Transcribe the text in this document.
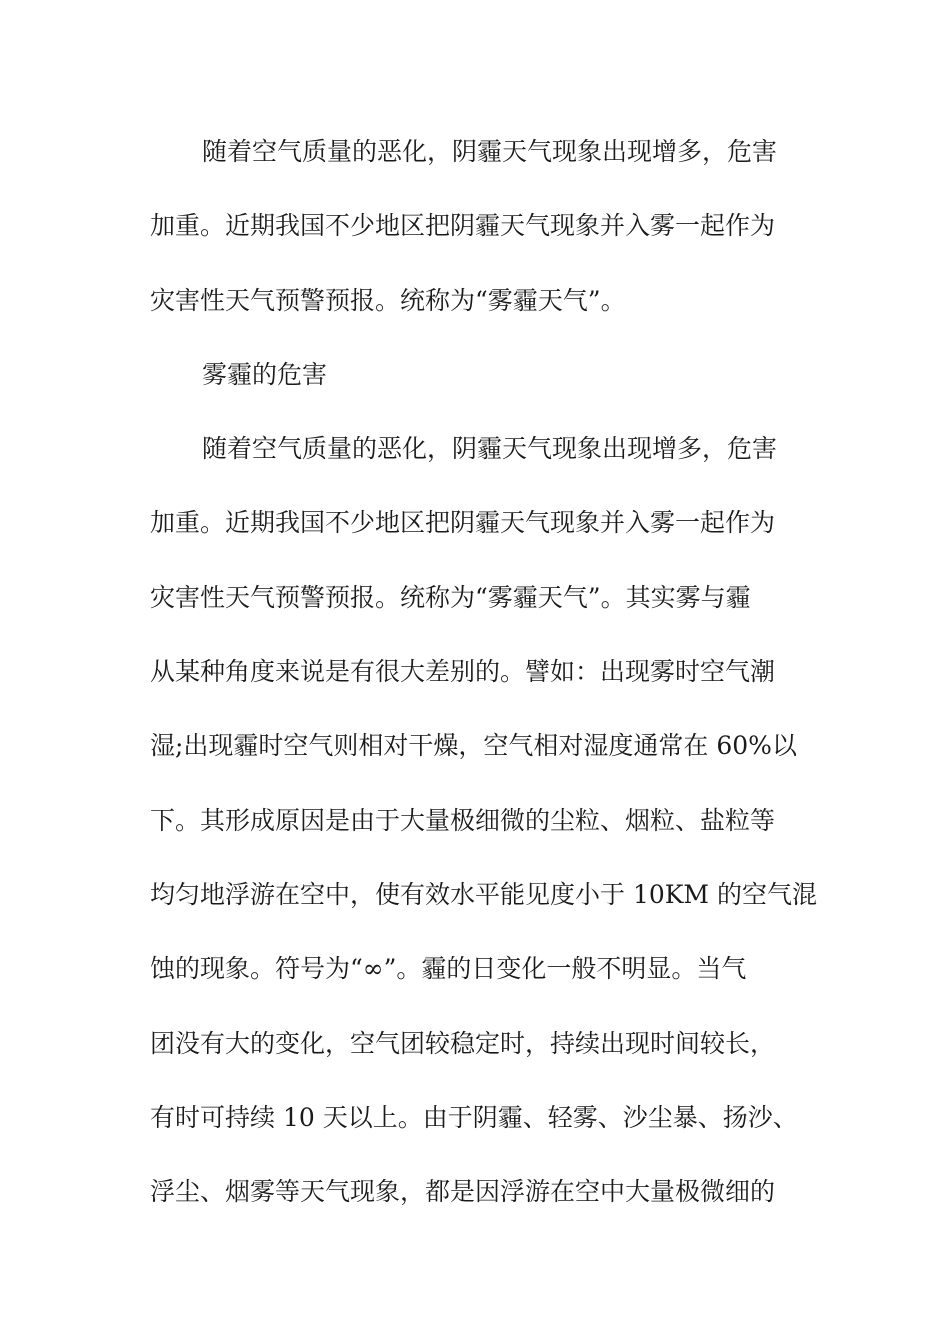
随着空气质量的恶化，阴霾天气现象出现增多，危害
加重。近期我国不少地区把阴霾天气现象并入雾一起作为
灾害性天气预警预报。统称为“雾霾天气”。
雾霾的危害
随着空气质量的恶化，阴霾天气现象出现增多，危害
加重。近期我国不少地区把阴霾天气现象并入雾一起作为
灾害性天气预警预报。统称为“雾霾天气”。其实雾与霾
从某种角度来说是有很大差别的。譬如：出现雾时空气潮
湿;出现霾时空气则相对干燥，空气相对湿度通常在 60%以
下。其形成原因是由于大量极细微的尘粒、烟粒、盐粒等
均匀地浮游在空中，使有效水平能见度小于 10KM 的空气混
蚀的现象。符号为“∞”。霾的日变化一般不明显。当气
团没有大的变化，空气团较稳定时，持续出现时间较长，
有时可持续 10 天以上。由于阴霾、轻雾、沙尘暴、扬沙、
浮尘、烟雾等天气现象，都是因浮游在空中大量极微细的
